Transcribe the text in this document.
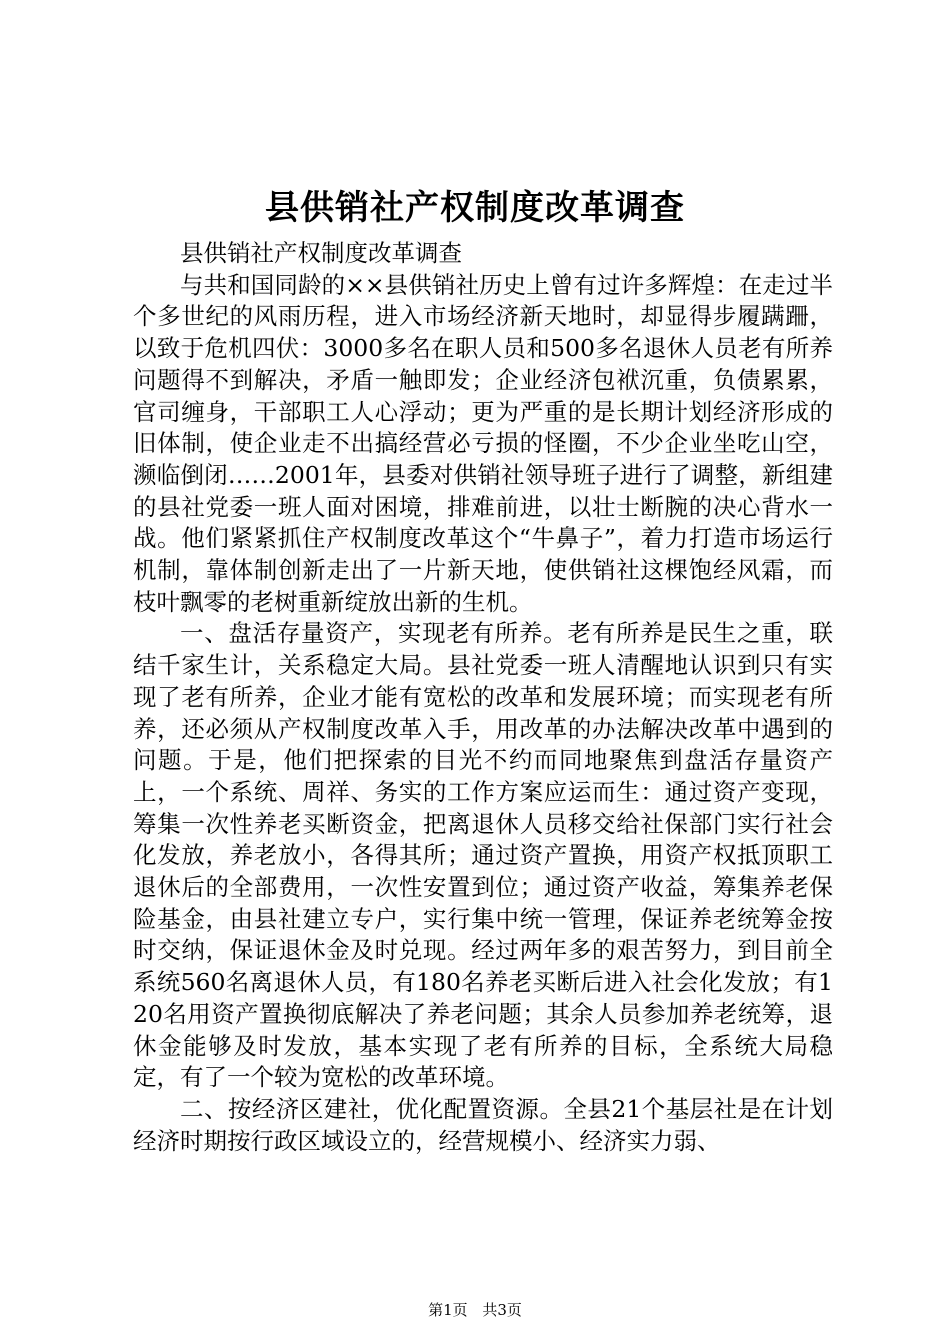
县供销社产权制度改革调查

县供销社产权制度改革调查

与共和国同龄的××县供销社历史上曾有过许多辉煌：在走过半个多世纪的风雨历程，进入市场经济新天地时，却显得步履蹒跚，以致于危机四伏：3000多名在职人员和500多名退休人员老有所养问题得不到解决，矛盾一触即发；企业经济包袱沉重，负债累累，官司缠身，干部职工人心浮动；更为严重的是长期计划经济形成的旧体制，使企业走不出搞经营必亏损的怪圈，不少企业坐吃山空，濒临倒闭……2001年，县委对供销社领导班子进行了调整，新组建的县社党委一班人面对困境，排难前进，以壮士断腕的决心背水一战。他们紧紧抓住产权制度改革这个“牛鼻子”，着力打造市场运行机制，靠体制创新走出了一片新天地，使供销社这棵饱经风霜，而枝叶飘零的老树重新绽放出新的生机。

一、盘活存量资产，实现老有所养。老有所养是民生之重，联结千家生计，关系稳定大局。县社党委一班人清醒地认识到只有实现了老有所养，企业才能有宽松的改革和发展环境；而实现老有所养，还必须从产权制度改革入手，用改革的办法解决改革中遇到的问题。于是，他们把探索的目光不约而同地聚焦到盘活存量资产上，一个系统、周祥、务实的工作方案应运而生：通过资产变现，筹集一次性养老买断资金，把离退休人员移交给社保部门实行社会化发放，养老放小，各得其所；通过资产置换，用资产权抵顶职工退休后的全部费用，一次性安置到位；通过资产收益，筹集养老保险基金，由县社建立专户，实行集中统一管理，保证养老统筹金按时交纳，保证退休金及时兑现。经过两年多的艰苦努力，到目前全系统560名离退休人员，有180名养老买断后进入社会化发放；有120名用资产置换彻底解决了养老问题；其余人员参加养老统筹，退休金能够及时发放，基本实现了老有所养的目标，全系统大局稳定，有了一个较为宽松的改革环境。

二、按经济区建社，优化配置资源。全县21个基层社是在计划经济时期按行政区域设立的，经营规模小、经济实力弱、

第1页 共3页
